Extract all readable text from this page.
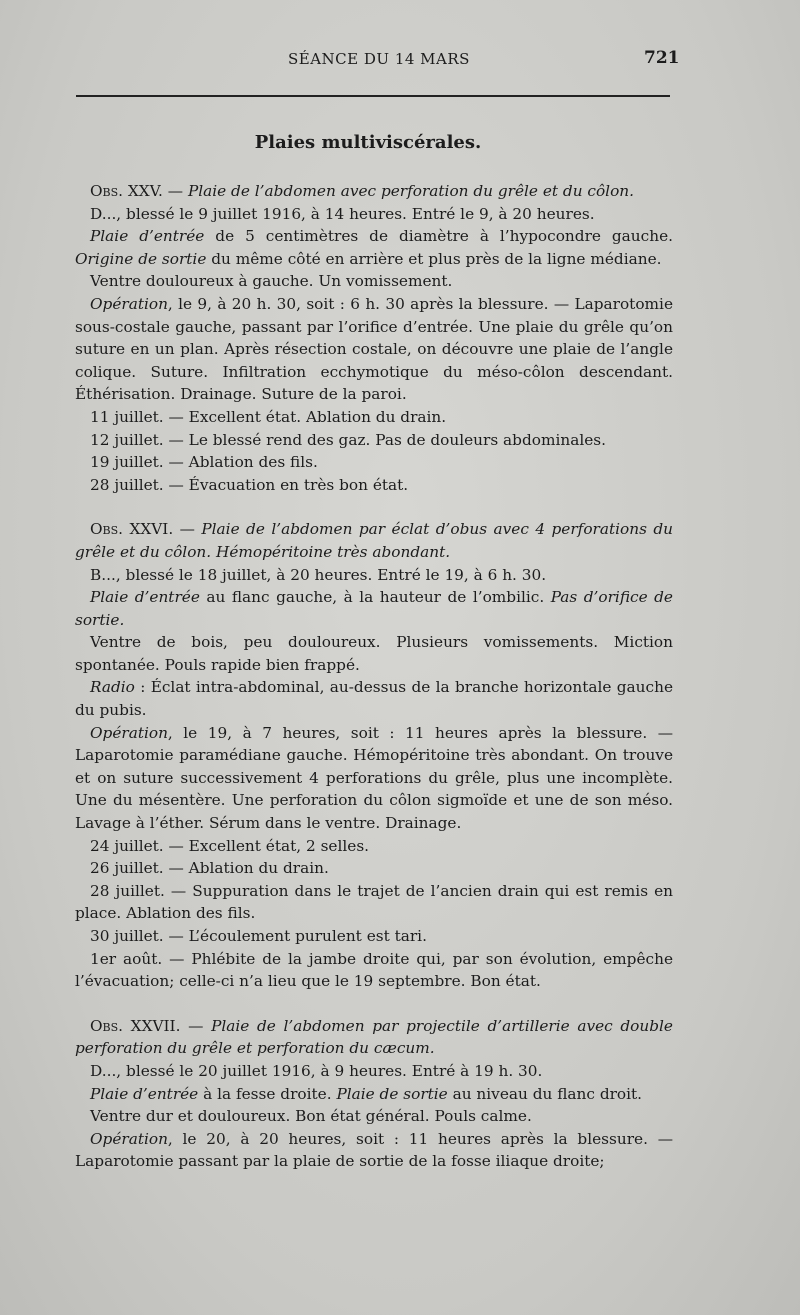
SÉANCE DU 14 MARS	721
Plaies multiviscérales.

Obs. XXV. — Plaie de l’abdomen avec perforation du grêle et du côlon.

D..., blessé le 9 juillet 1916, à 14 heures. Entré le 9, à 20 heures.

Plaie d’entrée de 5 centimètres de diamètre à l’hypocondre gauche. Origine de sortie du même côté en arrière et plus près de la ligne médiane.

Ventre douloureux à gauche. Un vomissement.

Opération, le 9, à 20 h. 30, soit : 6 h. 30 après la blessure. — Laparotomie sous-costale gauche, passant par l’orifice d’entrée. Une plaie du grêle qu’on suture en un plan. Après résection costale, on découvre une plaie de l’angle colique. Suture. Infiltration ecchymotique du méso-côlon descendant. Éthérisation. Drainage. Suture de la paroi.

11 juillet. — Excellent état. Ablation du drain.

12 juillet. — Le blessé rend des gaz. Pas de douleurs abdominales.

19 juillet. — Ablation des fils.

28 juillet. — Évacuation en très bon état.

Obs. XXVI. — Plaie de l’abdomen par éclat d’obus avec 4 perforations du grêle et du côlon. Hémopéritoine très abondant.

B..., blessé le 18 juillet, à 20 heures. Entré le 19, à 6 h. 30.

Plaie d’entrée au flanc gauche, à la hauteur de l’ombilic. Pas d’orifice de sortie.

Ventre de bois, peu douloureux. Plusieurs vomissements. Miction spontanée. Pouls rapide bien frappé.

Radio : Éclat intra-abdominal, au-dessus de la branche horizontale gauche du pubis.

Opération, le 19, à 7 heures, soit : 11 heures après la blessure. — Laparotomie paramédiane gauche. Hémopéritoine très abondant. On trouve et on suture successivement 4 perforations du grêle, plus une incomplète. Une du mésentère. Une perforation du côlon sigmoïde et une de son méso. Lavage à l’éther. Sérum dans le ventre. Drainage.

24 juillet. — Excellent état, 2 selles.

26 juillet. — Ablation du drain.

28 juillet. — Suppuration dans le trajet de l’ancien drain qui est remis en place. Ablation des fils.

30 juillet. — L’écoulement purulent est tari.

1er août. — Phlébite de la jambe droite qui, par son évolution, empêche l’évacuation; celle-ci n’a lieu que le 19 septembre. Bon état.

Obs. XXVII. — Plaie de l’abdomen par projectile d’artillerie avec double perforation du grêle et perforation du cæcum.

D..., blessé le 20 juillet 1916, à 9 heures. Entré à 19 h. 30.

Plaie d’entrée à la fesse droite. Plaie de sortie au niveau du flanc droit.

Ventre dur et douloureux. Bon état général. Pouls calme.

Opération, le 20, à 20 heures, soit : 11 heures après la blessure. — Laparotomie passant par la plaie de sortie de la fosse iliaque droite;
